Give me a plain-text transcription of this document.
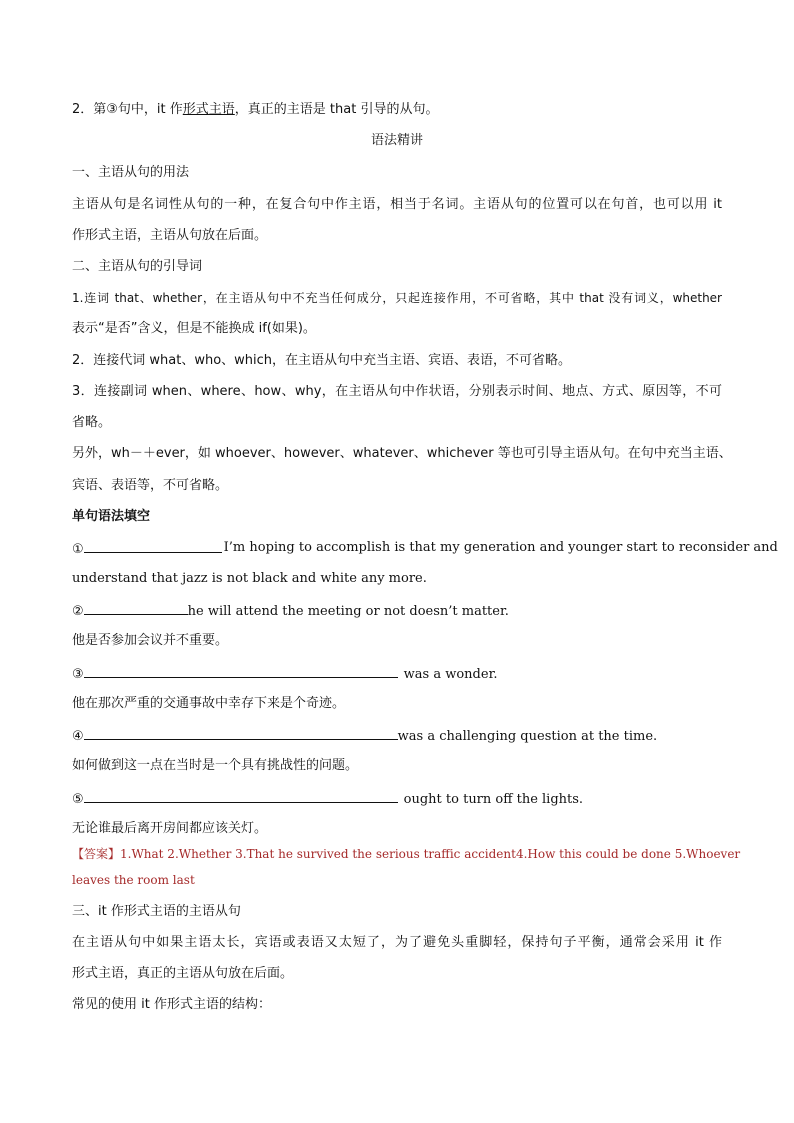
2．第③句中，it 作形式主语，真正的主语是 that 引导的从句。
语法精讲
一、主语从句的用法
主语从句是名词性从句的一种，在复合句中作主语，相当于名词。主语从句的位置可以在句首，也可以用 it
作形式主语，主语从句放在后面。
二、主语从句的引导词
1.连词 that、whether，在主语从句中不充当任何成分，只起连接作用，不可省略，其中 that 没有词义，whether
表示“是否”含义，但是不能换成 if(如果)。
2．连接代词 what、who、which，在主语从句中充当主语、宾语、表语，不可省略。
3．连接副词 when、where、how、why，在主语从句中作状语，分别表示时间、地点、方式、原因等，不可
省略。
另外，wh－＋ever，如 whoever、however、whatever、whichever 等也可引导主语从句。在句中充当主语、
宾语、表语等，不可省略。
单句语法填空
①	I’m hoping to accomplish is that my generation and younger start to reconsider and
understand that jazz is not black and white any more.
②	he will attend the meeting or not doesn’t matter.
他是否参加会议并不重要。
③	was a wonder.
他在那次严重的交通事故中幸存下来是个奇迹。
④	was a challenging question at the time.
如何做到这一点在当时是一个具有挑战性的问题。
⑤	ought to turn off the lights.
无论谁最后离开房间都应该关灯。
【答案】1.What 2.Whether 3.That he survived the serious traffic accident4.How this could be done 5.Whoever
leaves the room last
三、it 作形式主语的主语从句
在主语从句中如果主语太长，宾语或表语又太短了，为了避免头重脚轻，保持句子平衡，通常会采用 it 作
形式主语，真正的主语从句放在后面。
常见的使用 it 作形式主语的结构：
